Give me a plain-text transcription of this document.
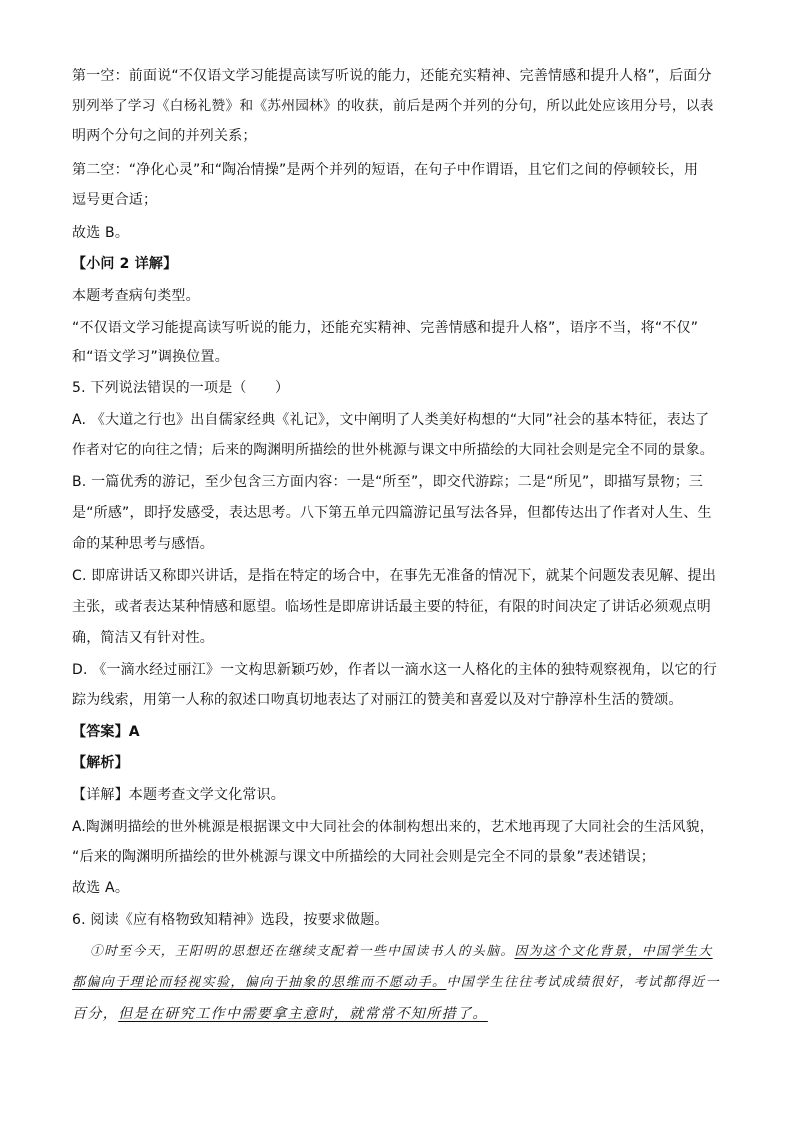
第一空：前面说“不仅语文学习能提高读写听说的能力，还能充实精神、完善情感和提升人格”，后面分
别列举了学习《白杨礼赞》和《苏州园林》的收获，前后是两个并列的分句，所以此处应该用分号，以表
明两个分句之间的并列关系；
第二空：“净化心灵”和“陶冶情操”是两个并列的短语，在句子中作谓语，且它们之间的停顿较长，用
逗号更合适；
故选 B。
【小问 2 详解】
本题考查病句类型。
“不仅语文学习能提高读写听说的能力，还能充实精神、完善情感和提升人格”，语序不当，将“不仅”
和“语文学习”调换位置。
5. 下列说法错误的一项是（　　）
A. 《大道之行也》出自儒家经典《礼记》，文中阐明了人类美好构想的“大同”社会的基本特征，表达了
作者对它的向往之情；后来的陶渊明所描绘的世外桃源与课文中所描绘的大同社会则是完全不同的景象。
B. 一篇优秀的游记，至少包含三方面内容：一是“所至”，即交代游踪；二是“所见”，即描写景物；三
是“所感”，即抒发感受，表达思考。八下第五单元四篇游记虽写法各异，但都传达出了作者对人生、生
命的某种思考与感悟。
C. 即席讲话又称即兴讲话，是指在特定的场合中，在事先无准备的情况下，就某个问题发表见解、提出
主张，或者表达某种情感和愿望。临场性是即席讲话最主要的特征，有限的时间决定了讲话必须观点明
确，简洁又有针对性。
D. 《一滴水经过丽江》一文构思新颖巧妙，作者以一滴水这一人格化的主体的独特观察视角，以它的行
踪为线索，用第一人称的叙述口吻真切地表达了对丽江的赞美和喜爱以及对宁静淳朴生活的赞颂。
【答案】A
【解析】
【详解】本题考查文学文化常识。
A.陶渊明描绘的世外桃源是根据课文中大同社会的体制构想出来的，艺术地再现了大同社会的生活风貌，
“后来的陶渊明所描绘的世外桃源与课文中所描绘的大同社会则是完全不同的景象”表述错误；
故选 A。
6. 阅读《应有格物致知精神》选段，按要求做题。
①时至今天，王阳明的思想还在继续支配着一些中国读书人的头脑。因为这个文化背景，中国学生大
都偏向于理论而轻视实验，偏向于抽象的思维而不愿动手。中国学生往往考试成绩很好，考试都得近一
百分，但是在研究工作中需要拿主意时，就常常不知所措了。
